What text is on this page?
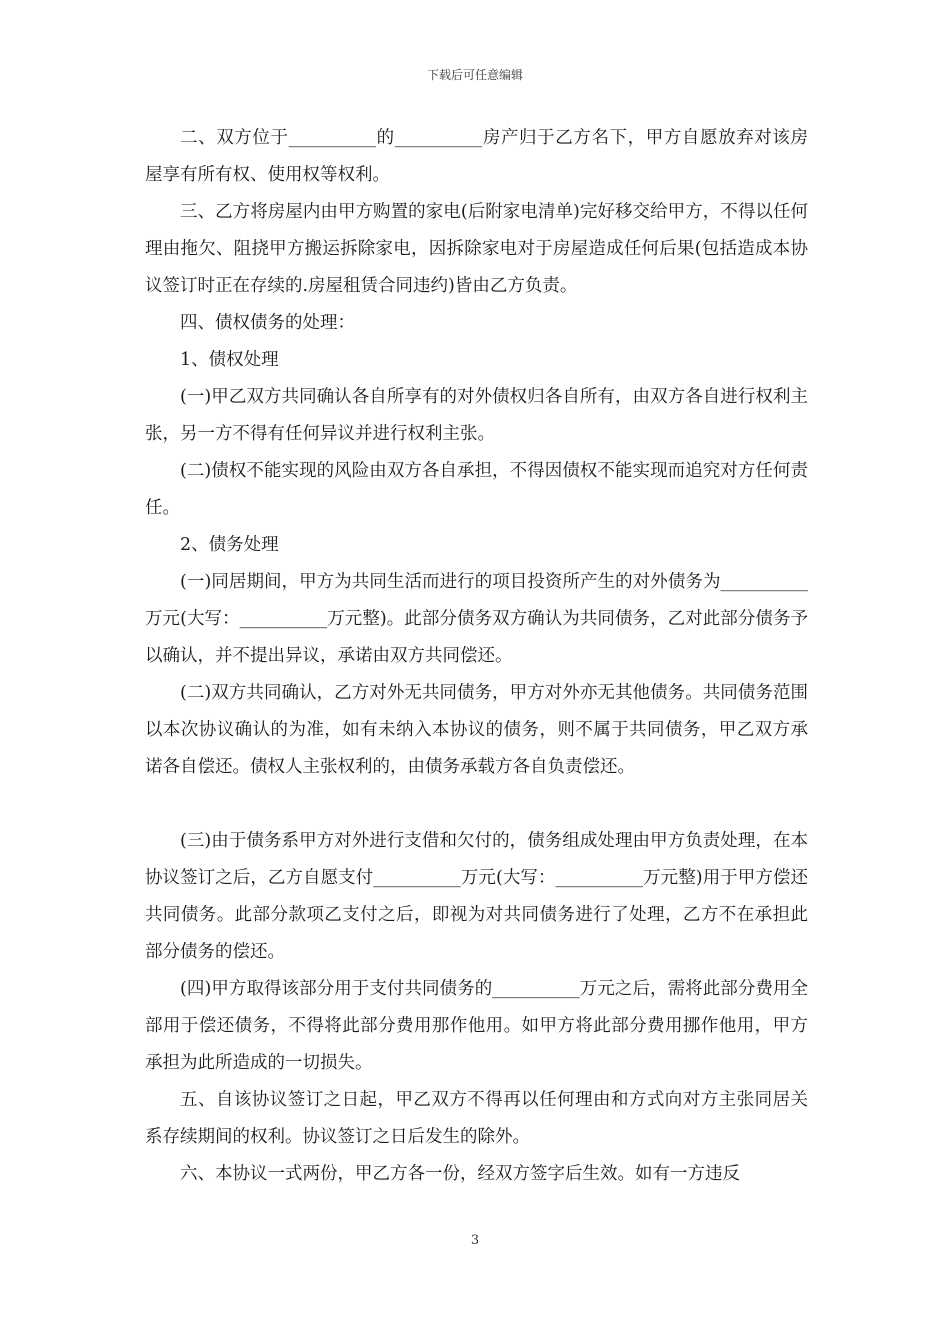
下载后可任意编辑

二、双方位于__________的__________房产归于乙方名下，甲方自愿放弃对该房屋享有所有权、使用权等权利。

三、乙方将房屋内由甲方购置的家电(后附家电清单)完好移交给甲方，不得以任何理由拖欠、阻挠甲方搬运拆除家电，因拆除家电对于房屋造成任何后果(包括造成本协议签订时正在存续的.房屋租赁合同违约)皆由乙方负责。

四、债权债务的处理：

1、债权处理

(一)甲乙双方共同确认各自所享有的对外债权归各自所有，由双方各自进行权利主张，另一方不得有任何异议并进行权利主张。

(二)债权不能实现的风险由双方各自承担，不得因债权不能实现而追究对方任何责任。

2、债务处理

(一)同居期间，甲方为共同生活而进行的项目投资所产生的对外债务为__________万元(大写：__________万元整)。此部分债务双方确认为共同债务，乙对此部分债务予以确认，并不提出异议，承诺由双方共同偿还。

(二)双方共同确认，乙方对外无共同债务，甲方对外亦无其他债务。共同债务范围以本次协议确认的为准，如有未纳入本协议的债务，则不属于共同债务，甲乙双方承诺各自偿还。债权人主张权利的，由债务承载方各自负责偿还。

(三)由于债务系甲方对外进行支借和欠付的，债务组成处理由甲方负责处理，在本协议签订之后，乙方自愿支付__________万元(大写：__________万元整)用于甲方偿还共同债务。此部分款项乙支付之后，即视为对共同债务进行了处理，乙方不在承担此部分债务的偿还。

(四)甲方取得该部分用于支付共同债务的__________万元之后，需将此部分费用全部用于偿还债务，不得将此部分费用那作他用。如甲方将此部分费用挪作他用，甲方承担为此所造成的一切损失。

五、自该协议签订之日起，甲乙双方不得再以任何理由和方式向对方主张同居关系存续期间的权利。协议签订之日后发生的除外。

六、本协议一式两份，甲乙方各一份，经双方签字后生效。如有一方违反

3
